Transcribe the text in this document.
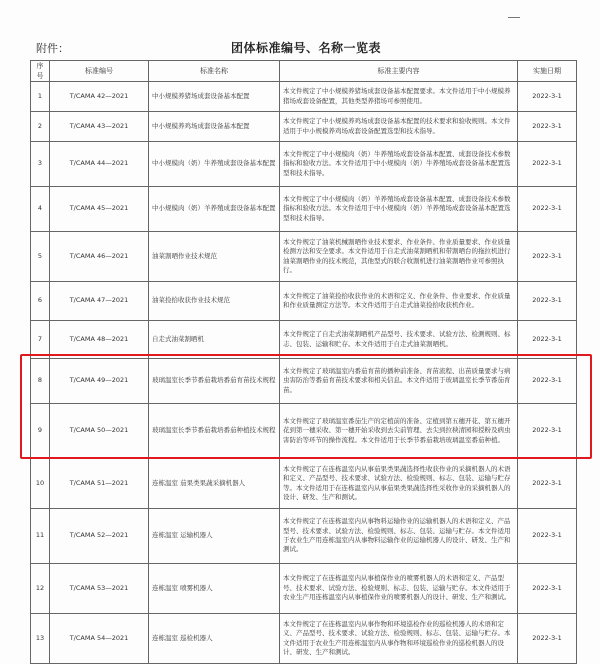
附件：	团体标准编号、名称一览表
序号	标准编号	标准名称	标准主要内容	实施日期
1	T/CAMA 42—2021	中小规模养猪场成套设备基本配置	本文件规定了中小规模养猪场成套设备基本配置要求。本文件适用于中小规模养猪场成套设备配置，其他类型养猪场可参照使用。	2022-3-1
2	T/CAMA 43—2021	中小规模养鸡场成套设备基本配置	本文件规定了中小规模养鸡场成套设备基本配置的技术要求和验收规则。本文件适用于中小规模养鸡场成套设备配置选型和技术指导。	2022-3-1
3	T/CAMA 44—2021	中小规模肉（奶）牛养殖成套设备基本配置	本文件规定了中小规模肉（奶）牛养殖场成套设备基本配置、成套设备技术参数指标和验收方法。本文件适用于中小规模肉（奶）牛养殖场成套设备基本配置选型和技术指导。	2022-3-1
4	T/CAMA 45—2021	中小规模肉（奶）羊养殖成套设备基本配置	本文件规定了中小规模肉（奶）羊养殖场成套设备基本配置、成套设备技术参数指标和验收方法。本文件适用于中小规模肉（奶）羊养殖场成套设备基本配置选型和技术指导。	2022-3-1
5	T/CAMA 46—2021	油菜割晒作业技术规范	本文件规定了油菜机械割晒作业技术要求、作业条件、作业质量要求、作业质量检测方法和安全要求。本文件适用于自走式油菜割晒机和带割晒台的拖拉机进行油菜割晒作业的技术规范，其他型式的联合收割机进行油菜割晒作业可参照执行。	2022-3-1
6	T/CAMA 47—2021	油菜捡拾收获作业技术规范	本文件规定了油菜捡拾收获作业的术语和定义、作业条件、作业要求、作业质量和作业质量测定方法等。本文件适用于自走式油菜捡拾收获机作业。	2022-3-1
7	T/CAMA 48—2021	自走式油菜割晒机	本文件规定了自走式油菜割晒机产品型号、技术要求、试验方法、检测规则、标志、包装、运输和贮存。本文件适用于自走式油菜割晒机。	2022-3-1
8	T/CAMA 49—2021	玻璃温室长季节番茄栽培番茄育苗技术规程	本文件规定了玻璃温室内番茄育苗的播种前准备、育苗流程、出苗质量要求与病虫害防治等番茄育苗技术要求和相关信息。本文件适用于玻璃温室长季节番茄育苗。	2022-3-1
9	T/CAMA 50—2021	玻璃温室长季节番茄栽培番茄种植技术规程	本文件规定了玻璃温室番茄生产的定植前的准备、定植到第五穗开花、第五穗开花到第一穗采收、第一穗开始采收到去尖前管理、去尖到拉秧清园和授粉及病虫害防治等环节的操作流程。本文件适用于长季节番茄栽培玻璃温室番茄种植。	2022-3-1
10	T/CAMA 51—2021	连栋温室 茄果类果蔬采摘机器人	本文件规定了在连栋温室内从事茄果类果蔬选择性收获作业的采摘机器人的术语和定义、产品型号、技术要求、试验方法、检验规则、标志、包装、运输与贮存等。本文件适用于在连栋温室内从事茄果类果蔬选择性采收作业的采摘机器人的设计、研发、生产和测试。	2022-3-1
11	T/CAMA 52—2021	连栋温室 运输机器人	本文件规定了在连栋温室内从事物料运输作业的运输机器人的术语和定义、产品型号、技术要求、试验方法、检验规则、标志、包装、运输与贮存。本文件适用于农业生产用连栋温室内从事物料运输作业的运输机器人的设计、研发、生产和测试。	2022-3-1
12	T/CAMA 53—2021	连栋温室 喷雾机器人	本文件规定了在连栋温室内从事植保作业的喷雾机器人的术语和定义、产品型号、技术要求、试验方法、检验规则、标志、包装、运输与贮存。本文件适用于农业生产用连栋温室内从事植保作业的喷雾机器人的设计、研发、生产和测试。	2022-3-1
13	T/CAMA 54—2021	连栋温室 巡检机器人	本文件规定了在连栋温室内从事作物和环境巡检作业的巡检机器人的术语和定义、产品型号、技术要求、试验方法、检验规则、标志、包装、运输与贮存。本文件适用于农业生产用连栋温室内从事作物和环境巡检作业的巡检机器人的设计、研发、生产和测试。	2022-3-1
